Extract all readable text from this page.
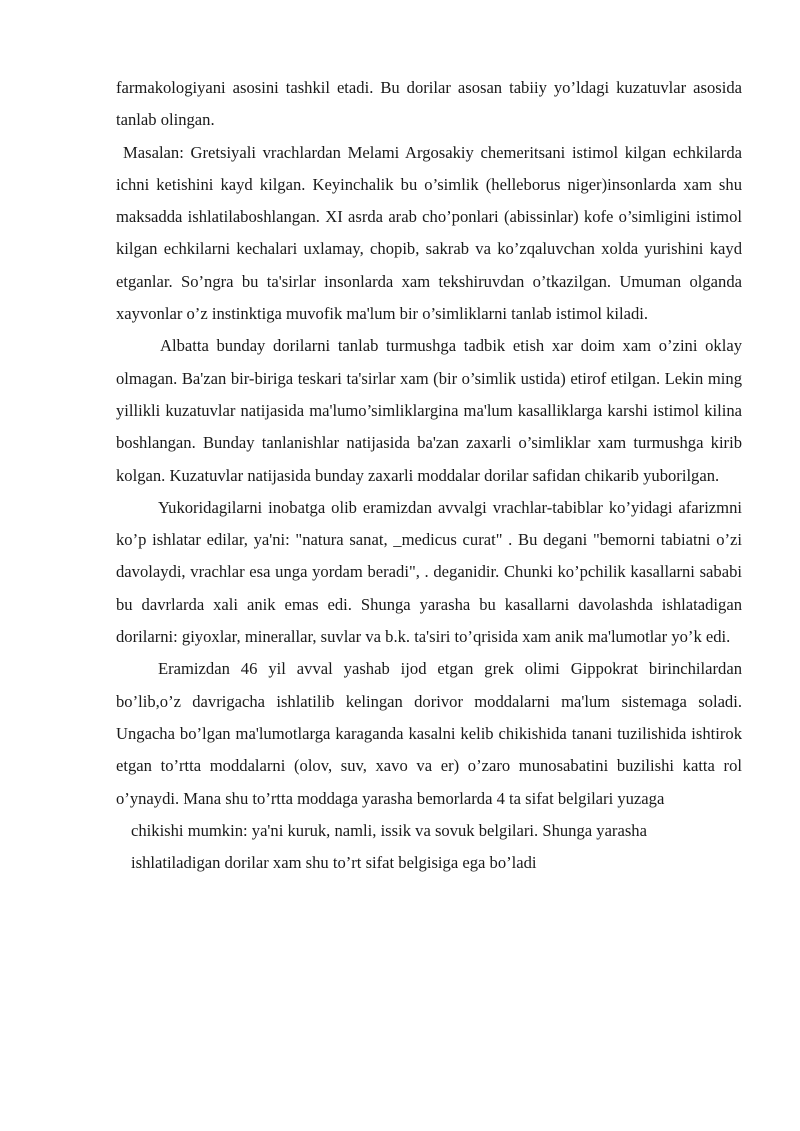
farmakologiyani asosini tashkil etadi. Bu dorilar asosan tabiiy yo’ldagi kuzatuvlar asosida tanlab olingan.

Masalan: Gretsiyali vrachlardan Melami Argosakiy chemeritsani istimol kilgan echkilarda ichni ketishini kayd kilgan. Keyinchalik bu o’simlik (helleborus niger)insonlarda xam shu maksadda ishlatilaboshlangan. XI asrda arab cho’ponlari (abissinlar) kofe o’simligini istimol kilgan echkilarni kechalari uxlamay, chopib, sakrab va ko’zqaluvchan xolda yurishini kayd etganlar. So’ngra bu ta'sirlar insonlarda xam tekshiruvdan o’tkazilgan. Umuman olganda xayvonlar o’z instinktiga muvofik ma'lum bir o’simliklarni tanlab istimol kiladi.

Albatta bunday dorilarni tanlab turmushga tadbik etish xar doim xam o’zini oklay olmagan. Ba'zan bir-biriga teskari ta'sirlar xam (bir o’simlik ustida) etirof etilgan. Lekin ming yillikli kuzatuvlar natijasida ma'lumo’simliklargina ma'lum kasalliklarga karshi istimol kilina boshlangan. Bunday tanlanishlar natijasida ba'zan zaxarli o’simliklar xam turmushga kirib kolgan. Kuzatuvlar natijasida bunday zaxarli moddalar dorilar safidan chikarib yuborilgan.

Yukoridagilarni inobatga olib eramizdan avvalgi vrachlar-tabiblar ko’yidagi afarizmni ko’p ishlatar edilar, ya'ni: "natura sanat, _medicus curat" . Bu degani "bemorni tabiatni o’zi davolaydi, vrachlar esa unga yordam beradi", . deganidir. Chunki ko’pchilik kasallarni sababi bu davrlarda xali anik emas edi. Shunga yarasha bu kasallarni davolashda ishlatadigan dorilarni: giyoxlar, minerallar, suvlar va b.k. ta'siri to’qrisida xam anik ma'lumotlar yo’k edi.

Eramizdan 46 yil avval yashab ijod etgan grek olimi Gippokrat birinchilardan bo’lib,o’z davrigacha ishlatilib kelingan dorivor moddalarni ma'lum sistemaga soladi. Ungacha bo’lgan ma'lumotlarga karaganda kasalni kelib chikishida tanani tuzilishida ishtirok etgan to’rtta moddalarni (olov, suv, xavo va er) o’zaro munosabatini buzilishi katta rol o’ynaydi. Mana shu to’rtta moddaga yarasha bemorlarda 4 ta sifat belgilari yuzaga

chikishi mumkin: ya'ni kuruk, namli, issik va sovuk belgilari. Shunga yarasha

ishlatiladigan dorilar xam shu to’rt sifat belgisiga ega bo’ladi
